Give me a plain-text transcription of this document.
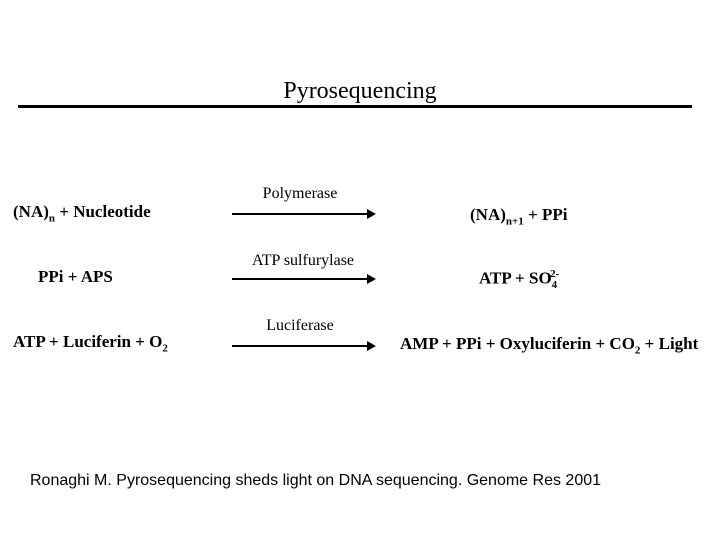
Pyrosequencing
$(NA)_n$ + Nucleotide
Polymerase
$(NA)_{n+1}$ + PPi
PPi + APS
ATP sulfurylase
ATP + $SO_4^{2-}$
ATP + Luciferin + $O_2$
Luciferase
AMP + PPi + Oxyluciferin + $CO_2$ + Light
Ronaghi M. Pyrosequencing sheds light on DNA sequencing. Genome Res 2001
